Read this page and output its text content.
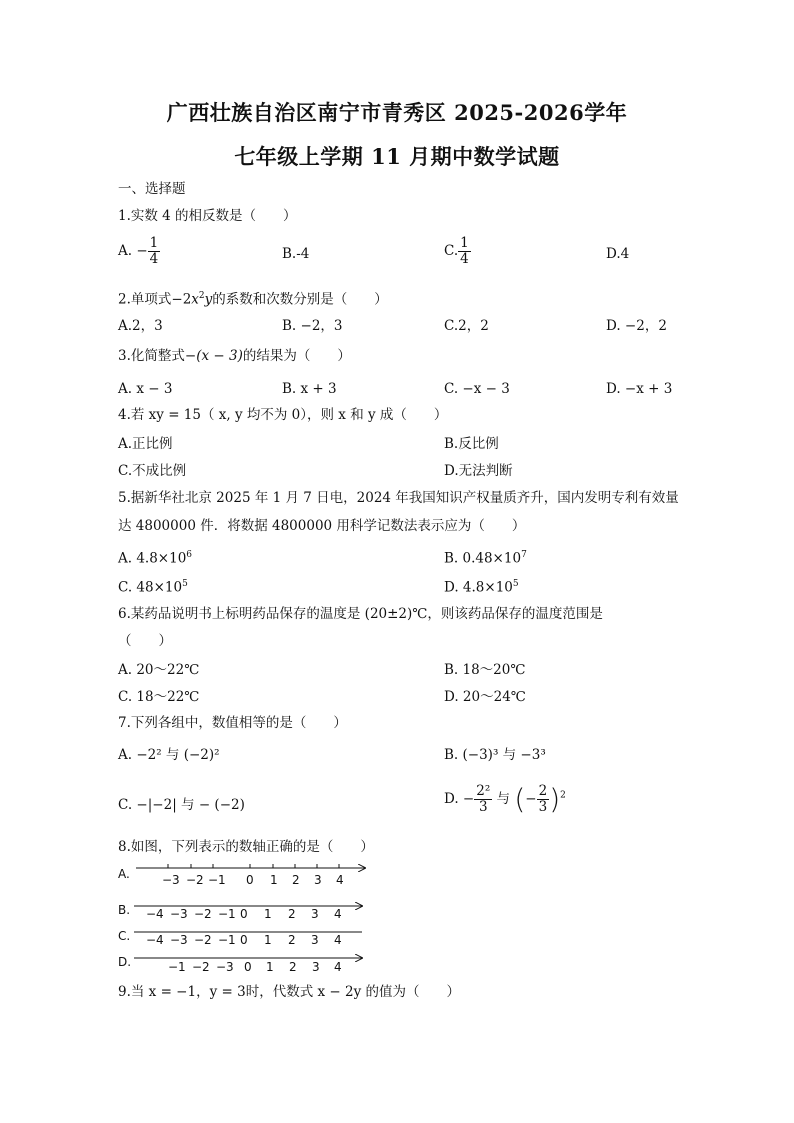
广西壮族自治区南宁市青秀区 2025-2026学年
七年级上学期 11 月期中数学试题
一、选择题
1.实数 4 的相反数是（　　）
A. − $\frac{1}{4}$	B.-4	C. $\frac{1}{4}$	D.4
2.单项式$-2x^2y$的系数和次数分别是（　　）
A.2，3	B. −2，3	C.2，2	D. −2，2
3.化简整式−(x − 3)的结果为（　　）
A. x − 3	B. x + 3	C. −x − 3	D. −x + 3
4.若 xy = 15（ x, y 均不为 0），则 x 和 y 成（　　）
A.正比例	B.反比例
C.不成比例	D.无法判断
5.据新华社北京 2025 年 1 月 7 日电，2024 年我国知识产权量质齐升，国内发明专利有效量
达 4800000 件．将数据 4800000 用科学记数法表示应为（　　）
A. $4.8\times 10^6$	B. $0.48\times 10^7$
C. $48\times 10^5$	D. $4.8\times 10^5$
6.某药品说明书上标明药品保存的温度是 (20±2)℃，则该药品保存的温度范围是
（　　）
A. 20～22℃	B. 18～20℃
C. 18～22℃	D. 20～24℃
7.下列各组中，数值相等的是（　　）
A. −2² 与 (−2)²	B. (−3)³ 与 −3³
C. −|−2| 与 − (−2)	D. − $\frac{\text{2²}}{3}$ 与 (− $\frac{2}{3} )^2$
8.如图，下列表示的数轴正确的是（　　）
A.	−3 −2 −1 0 1 2 3 4
B. −4 −3 −2 −1 0 1 2 3 4
C. −4 −3 −2 −1 0 1 2 3 4
D.	−1 −2 −3 0 1 2 3 4
9.当 x = −1，y = 3时，代数式 x − 2y 的值为（　　）
